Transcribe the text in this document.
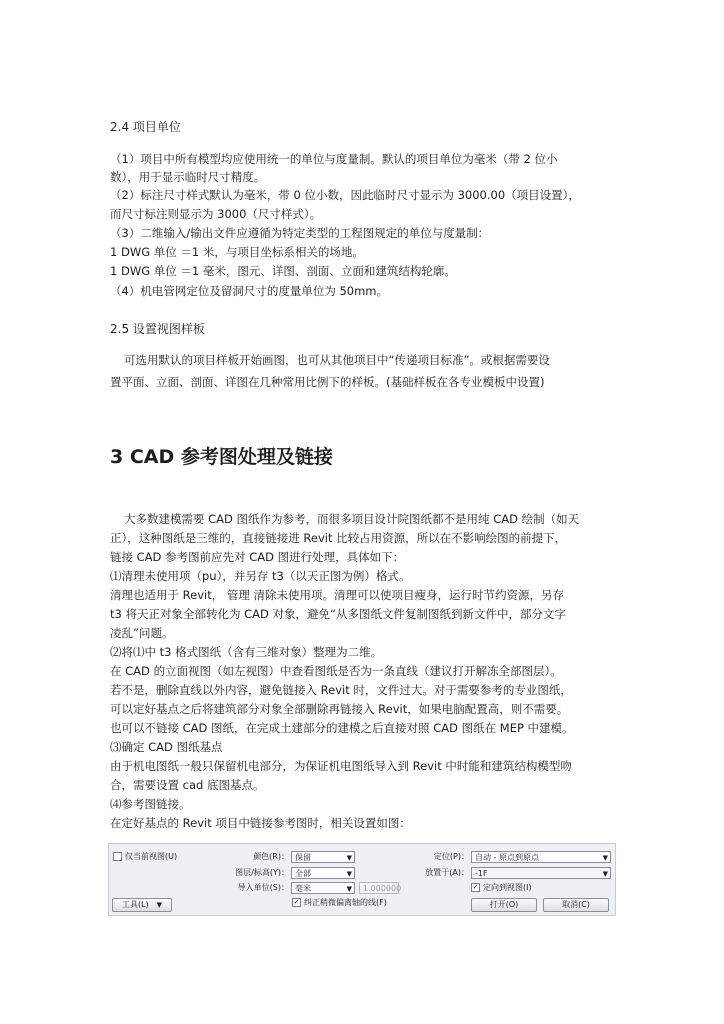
2.4 项目单位
（1）项目中所有模型均应使用统一的单位与度量制。默认的项目单位为毫米（带 2 位小
数），用于显示临时尺寸精度。
（2）标注尺寸样式默认为毫米，带 0 位小数，因此临时尺寸显示为 3000.00（项目设置），
而尺寸标注则显示为 3000（尺寸样式）。
（3）二维输入/输出文件应遵循为特定类型的工程图规定的单位与度量制：
1 DWG 单位 ＝1 米，与项目坐标系相关的场地。
1 DWG 单位 ＝1 毫米，图元、详图、剖面、立面和建筑结构轮廓。
（4）机电管网定位及留洞尺寸的度量单位为 50mm。
2.5 设置视图样板
可选用默认的项目样板开始画图，也可从其他项目中“传递项目标准”。或根据需要设
置平面、立面、剖面、详图在几种常用比例下的样板。(基础样板在各专业模板中设置)
3 CAD 参考图处理及链接
大多数建模需要 CAD 图纸作为参考，而很多项目设计院图纸都不是用纯 CAD 绘制（如天
正），这种图纸是三维的，直接链接进 Revit 比较占用资源，所以在不影响绘图的前提下，
链接 CAD 参考图前应先对 CAD 图进行处理，具体如下：
⑴清理未使用项（pu），并另存 t3（以天正图为例）格式。
清理也适用于 Revit， 管理 清除未使用项。清理可以使项目瘦身，运行时节约资源，另存
t3 将天正对象全部转化为 CAD 对象，避免“从多图纸文件复制图纸到新文件中，部分文字
凌乱”问题。
⑵将⑴中 t3 格式图纸（含有三维对象）整理为二维。
在 CAD 的立面视图（如左视图）中查看图纸是否为一条直线（建议打开解冻全部图层）。
若不是，删除直线以外内容，避免链接入 Revit 时，文件过大。对于需要参考的专业图纸，
可以定好基点之后将建筑部分对象全部删除再链接入 Revit，如果电脑配置高，则不需要。
也可以不链接 CAD 图纸，在完成土建部分的建模之后直接对照 CAD 图纸在 MEP 中建模。
⑶确定 CAD 图纸基点
由于机电图纸一般只保留机电部分，为保证机电图纸导入到 Revit 中时能和建筑结构模型吻
合，需要设置 cad 底图基点。
⑷参考图链接。
在定好基点的 Revit 项目中链接参考图时，相关设置如图：
仅当前视图(U)
工具(L) ▼
颜色(R)： 保留	▼
图层/标高(Y)： 全部	▼
导入单位(S)： 毫米	▼	1.000000
✓ 纠正稍微偏离轴的线(F)
定位(P)： 自动 - 原点到原点	▼
放置于(A)： -1F	▼
✓ 定向到视图(I)
打开(O)	取消(C)
